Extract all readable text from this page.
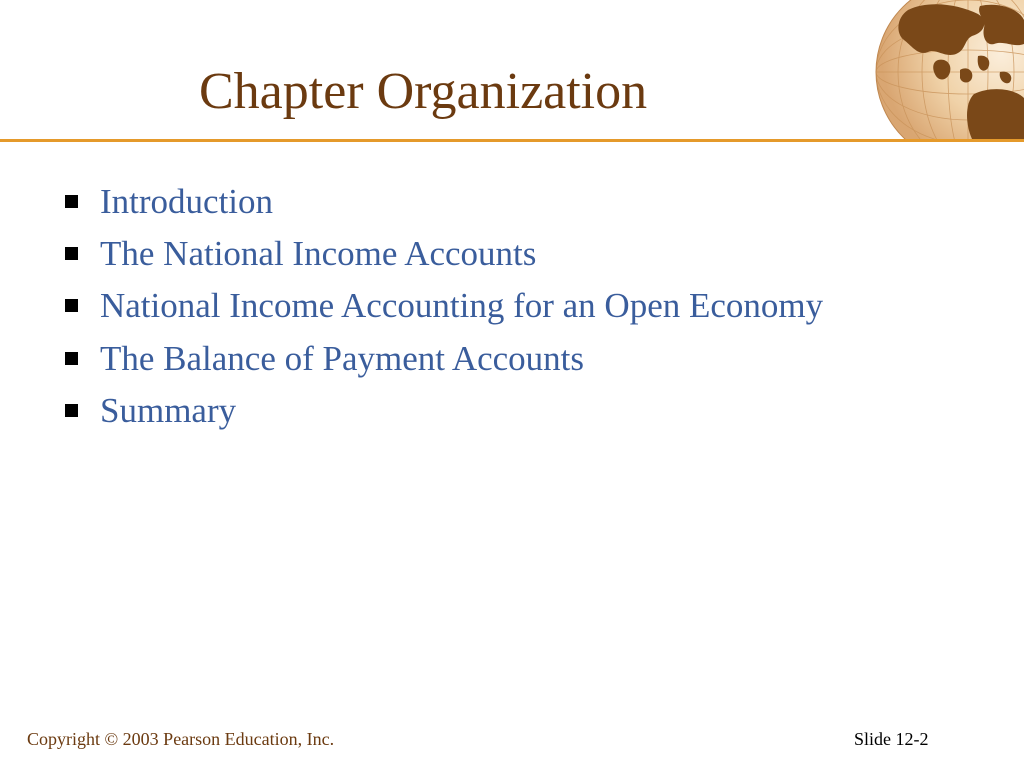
Chapter Organization
Introduction
The National Income Accounts
National Income Accounting for an Open Economy
The Balance of Payment Accounts
Summary
Copyright © 2003 Pearson Education, Inc.	Slide 12-2
